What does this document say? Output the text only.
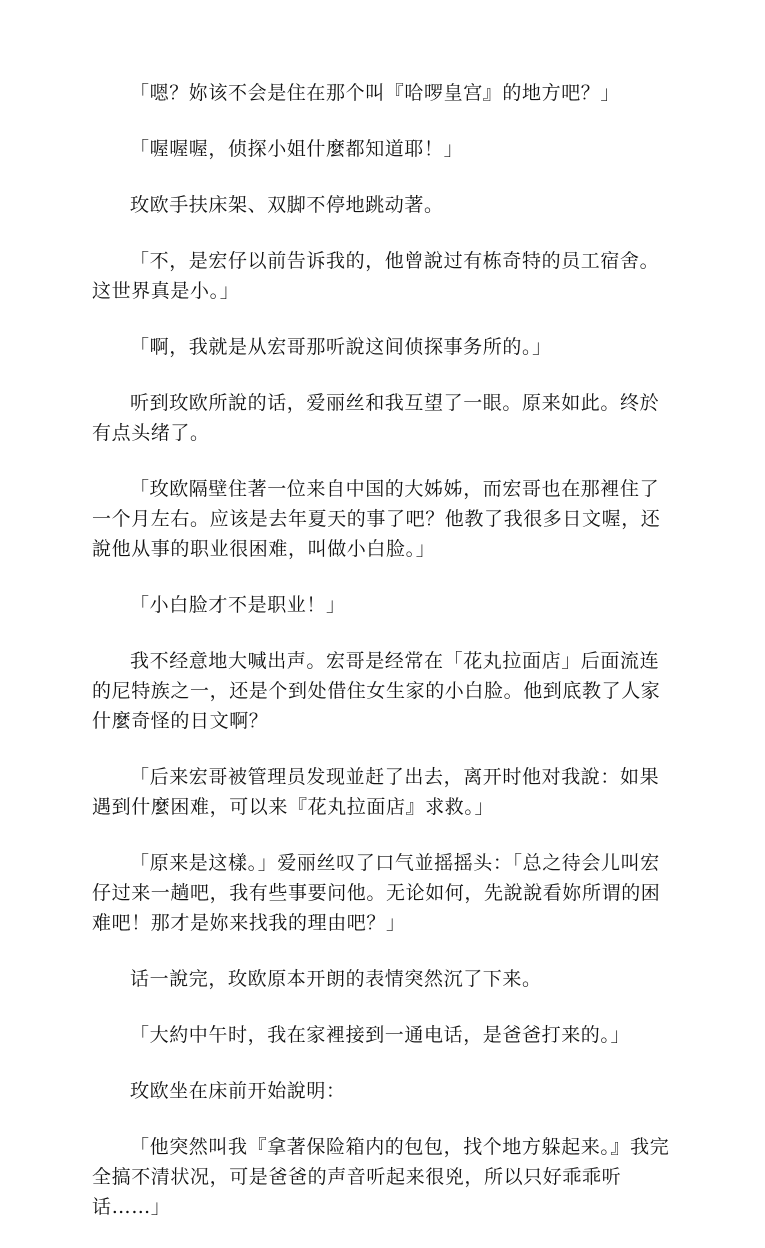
「嗯？妳该不会是住在那个叫『哈啰皇宫』的地方吧？」

「喔喔喔，侦探小姐什麼都知道耶！」

玫欧手扶床架、双脚不停地跳动著。

「不，是宏仔以前告诉我的，他曾說过有栋奇特的员工宿舍。这世界真是小。」

「啊，我就是从宏哥那听說这间侦探事务所的。」

听到玫欧所說的话，爱丽丝和我互望了一眼。原来如此。终於有点头绪了。

「玫欧隔壁住著一位来自中国的大姊姊，而宏哥也在那裡住了一个月左右。应该是去年夏天的事了吧？他教了我很多日文喔，还說他从事的职业很困难，叫做小白脸。」

「小白脸才不是职业！」

我不经意地大喊出声。宏哥是经常在「花丸拉面店」后面流连的尼特族之一，还是个到处借住女生家的小白脸。他到底教了人家什麼奇怪的日文啊？

「后来宏哥被管理员发现並赶了出去，离开时他对我說：如果遇到什麼困难，可以来『花丸拉面店』求救。」

「原来是这樣。」爱丽丝叹了口气並摇摇头：「总之待会儿叫宏仔过来一趟吧，我有些事要问他。无论如何，先說說看妳所谓的困难吧！那才是妳来找我的理由吧？」

话一說完，玫欧原本开朗的表情突然沉了下来。

「大約中午时，我在家裡接到一通电话，是爸爸打来的。」

玫欧坐在床前开始說明：

「他突然叫我『拿著保险箱内的包包，找个地方躲起来。』我完全搞不清状况，可是爸爸的声音听起来很兇，所以只好乖乖听话……」
